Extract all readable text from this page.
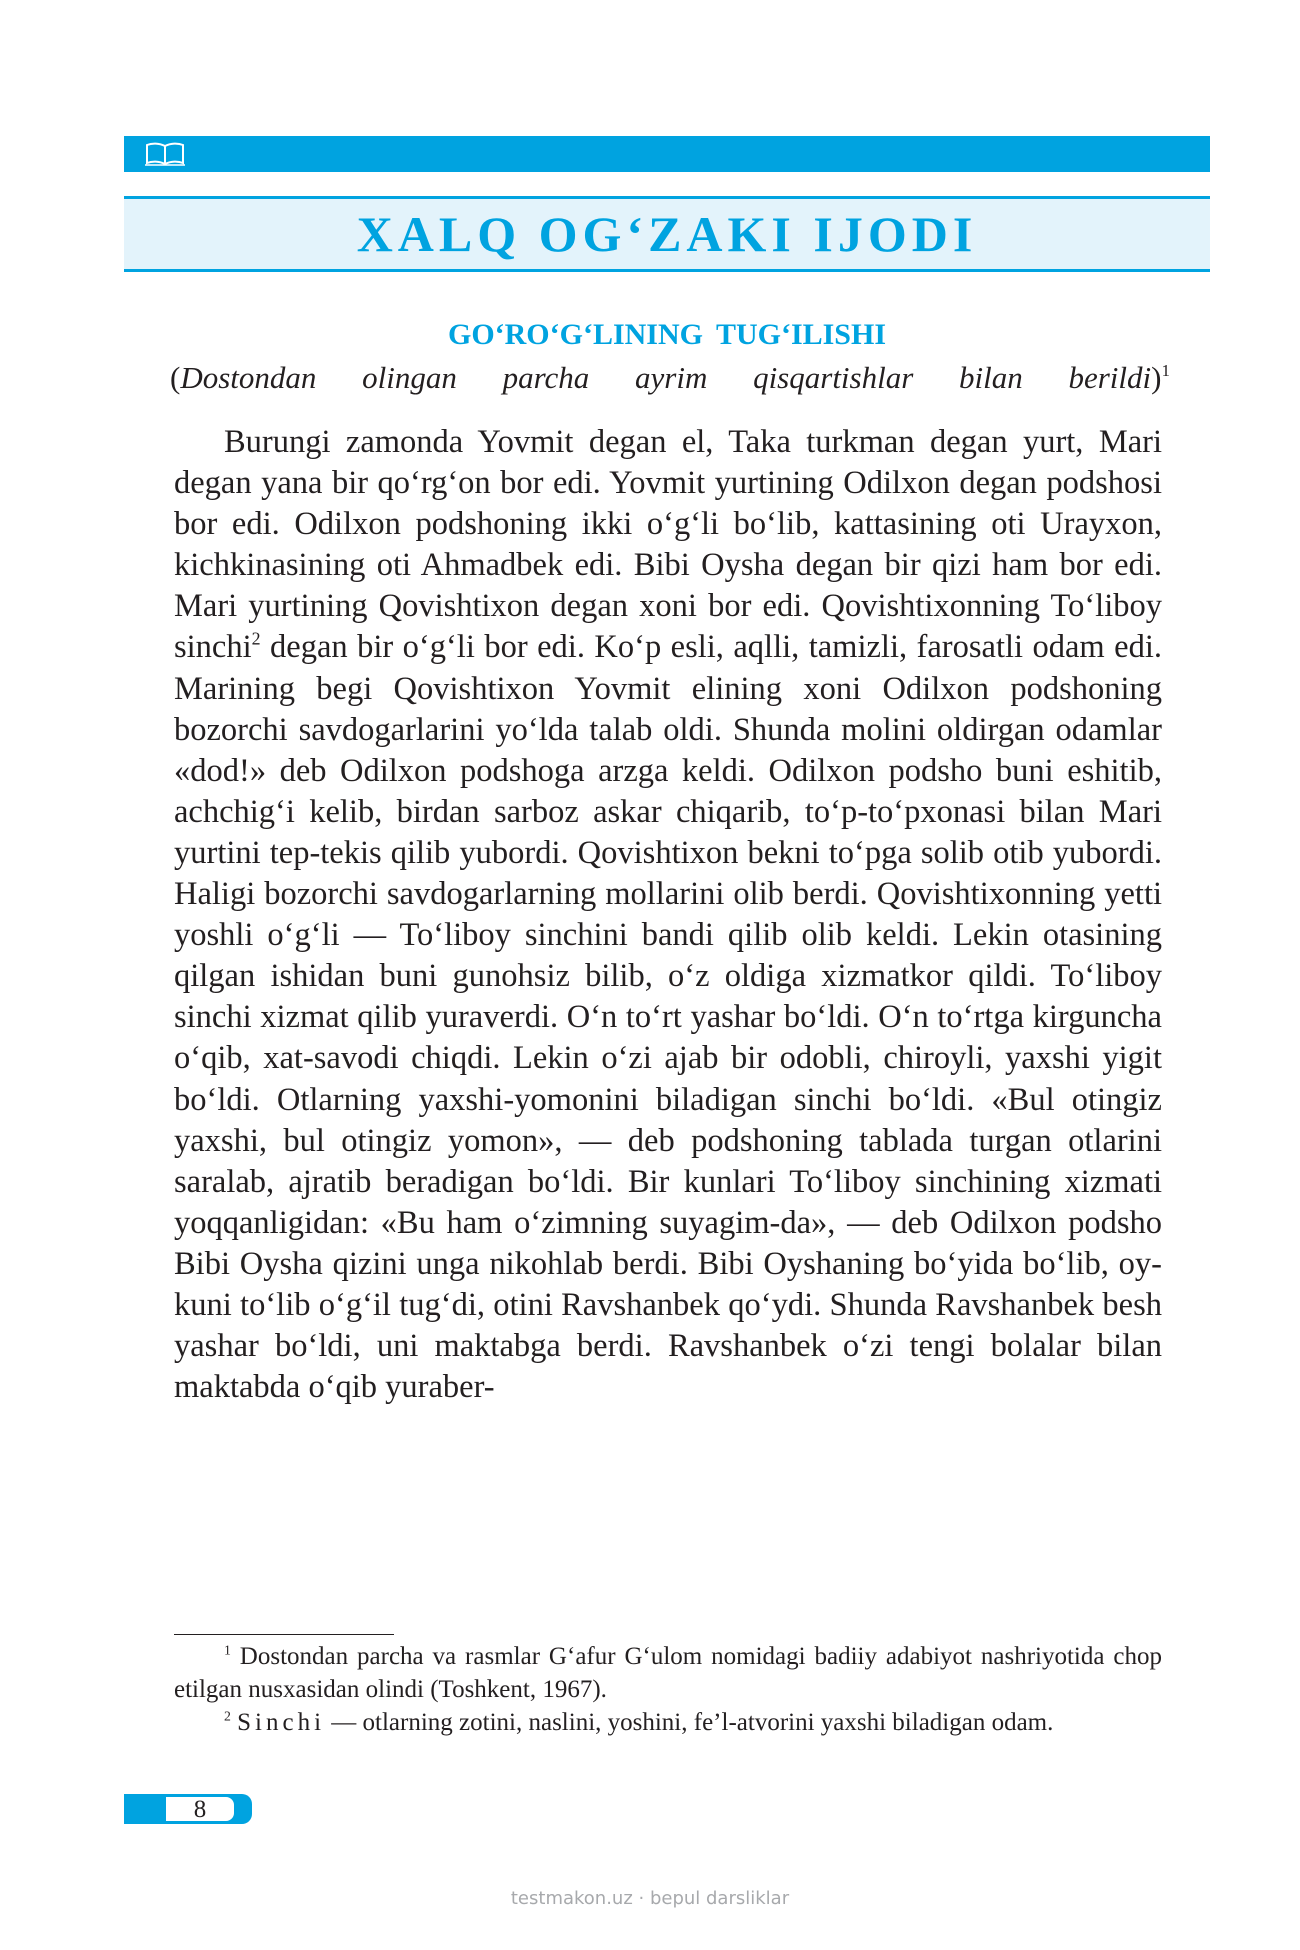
XALQ OG‘ZAKI IJODI
GO‘RO‘G‘LINING TUG‘ILISHI
(Dostondan olingan parcha ayrim qisqartishlar bilan berildi)$^1$

Burungi zamonda Yovmit degan el, Taka turkman degan yurt, Mari degan yana bir qo‘rg‘on bor edi. Yovmit yurtining Odilxon degan podshosi bor edi. Odilxon podshoning ikki o‘g‘li bo‘lib, kattasining oti Urayxon, kichkinasining oti Ahmadbek edi. Bibi Oysha degan bir qizi ham bor edi. Mari yurtining Qovishtixon degan xoni bor edi. Qovishtixonning To‘liboy sinchi$^2$ degan bir o‘g‘li bor edi. Ko‘p esli, aqlli, tamizli, farosatli odam edi. Marining begi Qovishtixon Yovmit elining xoni Odilxon podshoning bozorchi savdogarlarini yo‘lda talab oldi. Shunda molini oldirgan odamlar «dod!» deb Odilxon podshoga arzga keldi. Odilxon podsho buni eshitib, achchig‘i kelib, birdan sarboz askar chiqarib, to‘p-to‘pxonasi bilan Mari yurtini tep-tekis qilib yubordi. Qovishtixon bekni to‘pga solib otib yubordi. Haligi bozorchi savdogarlarning mollarini olib berdi. Qovishtixonning yetti yoshli o‘g‘li — To‘liboy sinchini bandi qilib olib keldi. Lekin otasining qilgan ishidan buni gunohsiz bilib, o‘z oldiga xizmatkor qildi. To‘liboy sinchi xizmat qilib yuraverdi. O‘n to‘rt yashar bo‘ldi. O‘n to‘rtga kirguncha o‘qib, xat-savodi chiqdi. Lekin o‘zi ajab bir odobli, chiroyli, yaxshi yigit bo‘ldi. Otlarning yaxshi-yomonini biladigan sinchi bo‘ldi. «Bul otingiz yaxshi, bul otingiz yomon», — deb podshoning tablada turgan otlarini saralab, ajratib beradigan bo‘ldi. Bir kunlari To‘liboy sinchining xizmati yoqqanligidan: «Bu ham o‘zimning suyagim-da», — deb Odilxon podsho Bibi Oysha qizini unga nikohlab berdi. Bibi Oyshaning bo‘yida bo‘lib, oy-kuni to‘lib o‘g‘il tug‘di, otini Ravshanbek qo‘ydi. Shunda Ravshanbek besh yashar bo‘ldi, uni maktabga berdi. Ravshanbek o‘zi tengi bolalar bilan maktabda o‘qib yuraber-

$^1$ Dostondan parcha va rasmlar G‘afur G‘ulom nomidagi badiiy adabiyot nashriyotida chop etilgan nusxasidan olindi (Toshkent, 1967).

$^2$ Sinchi — otlarning zotini, naslini, yoshini, fe’l-atvorini yaxshi biladigan odam.

8
testmakon.uz · bepul darsliklar
